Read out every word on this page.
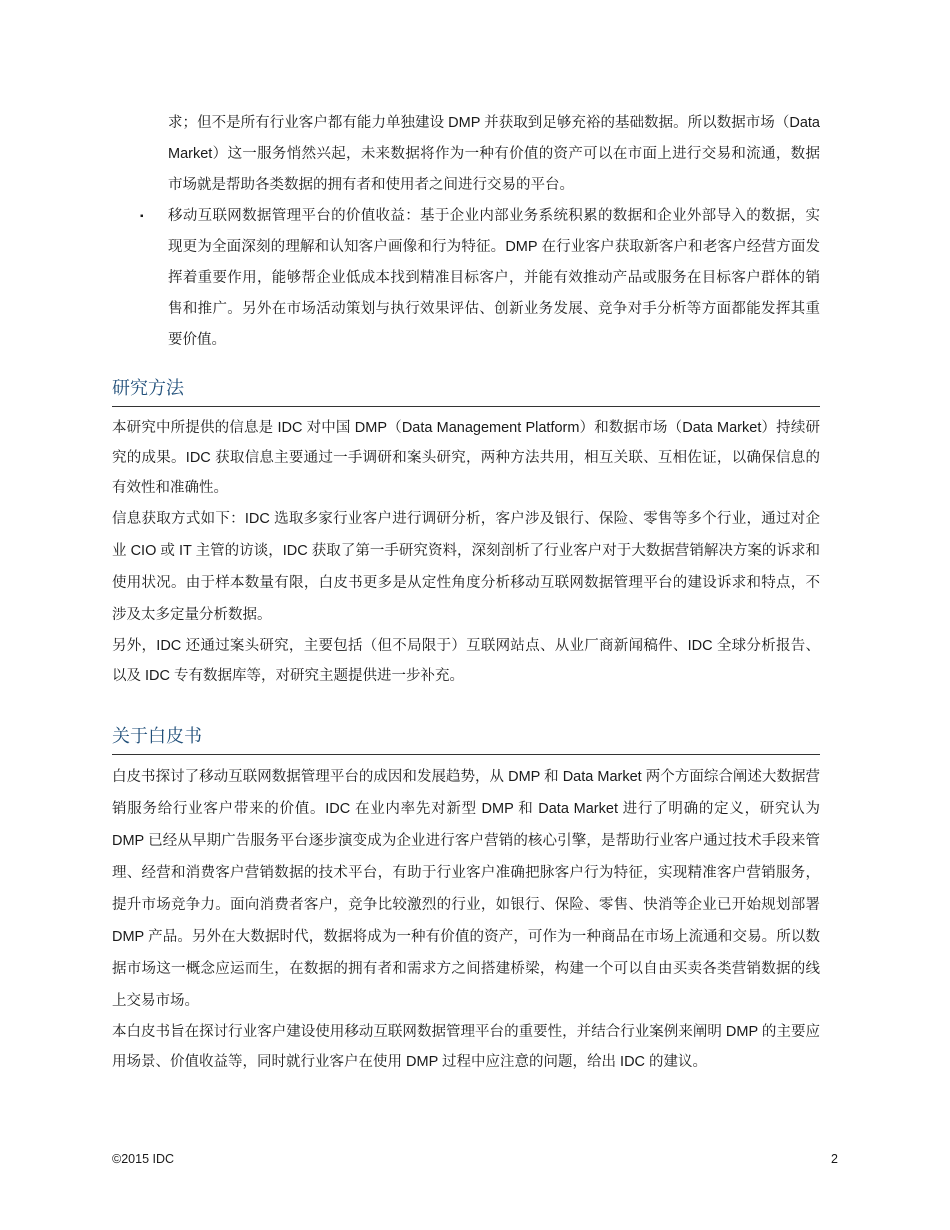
求；但不是所有行业客户都有能力单独建设 DMP 并获取到足够充裕的基础数据。所以数据市场（Data Market）这一服务悄然兴起，未来数据将作为一种有价值的资产可以在市面上进行交易和流通，数据市场就是帮助各类数据的拥有者和使用者之间进行交易的平台。

▪ 移动互联网数据管理平台的价值收益：基于企业内部业务系统积累的数据和企业外部导入的数据，实现更为全面深刻的理解和认知客户画像和行为特征。DMP 在行业客户获取新客户和老客户经营方面发挥着重要作用，能够帮企业低成本找到精准目标客户，并能有效推动产品或服务在目标客户群体的销售和推广。另外在市场活动策划与执行效果评估、创新业务发展、竞争对手分析等方面都能发挥其重要价值。

研究方法

本研究中所提供的信息是 IDC 对中国 DMP（Data Management Platform）和数据市场（Data Market）持续研究的成果。IDC 获取信息主要通过一手调研和案头研究，两种方法共用，相互关联、互相佐证，以确保信息的有效性和准确性。

信息获取方式如下：IDC 选取多家行业客户进行调研分析，客户涉及银行、保险、零售等多个行业，通过对企业 CIO 或 IT 主管的访谈，IDC 获取了第一手研究资料，深刻剖析了行业客户对于大数据营销解决方案的诉求和使用状况。由于样本数量有限，白皮书更多是从定性角度分析移动互联网数据管理平台的建设诉求和特点，不涉及太多定量分析数据。

另外，IDC 还通过案头研究，主要包括（但不局限于）互联网站点、从业厂商新闻稿件、IDC 全球分析报告、以及 IDC 专有数据库等，对研究主题提供进一步补充。

关于白皮书

白皮书探讨了移动互联网数据管理平台的成因和发展趋势，从 DMP 和 Data Market 两个方面综合阐述大数据营销服务给行业客户带来的价值。IDC 在业内率先对新型 DMP 和 Data Market 进行了明确的定义，研究认为 DMP 已经从早期广告服务平台逐步演变成为企业进行客户营销的核心引擎，是帮助行业客户通过技术手段来管理、经营和消费客户营销数据的技术平台，有助于行业客户准确把脉客户行为特征，实现精准客户营销服务，提升市场竞争力。面向消费者客户，竞争比较激烈的行业，如银行、保险、零售、快消等企业已开始规划部署 DMP 产品。另外在大数据时代，数据将成为一种有价值的资产，可作为一种商品在市场上流通和交易。所以数据市场这一概念应运而生，在数据的拥有者和需求方之间搭建桥梁，构建一个可以自由买卖各类营销数据的线上交易市场。

本白皮书旨在探讨行业客户建设使用移动互联网数据管理平台的重要性，并结合行业案例来阐明 DMP 的主要应用场景、价值收益等，同时就行业客户在使用 DMP 过程中应注意的问题，给出 IDC 的建议。

©2015 IDC	2
